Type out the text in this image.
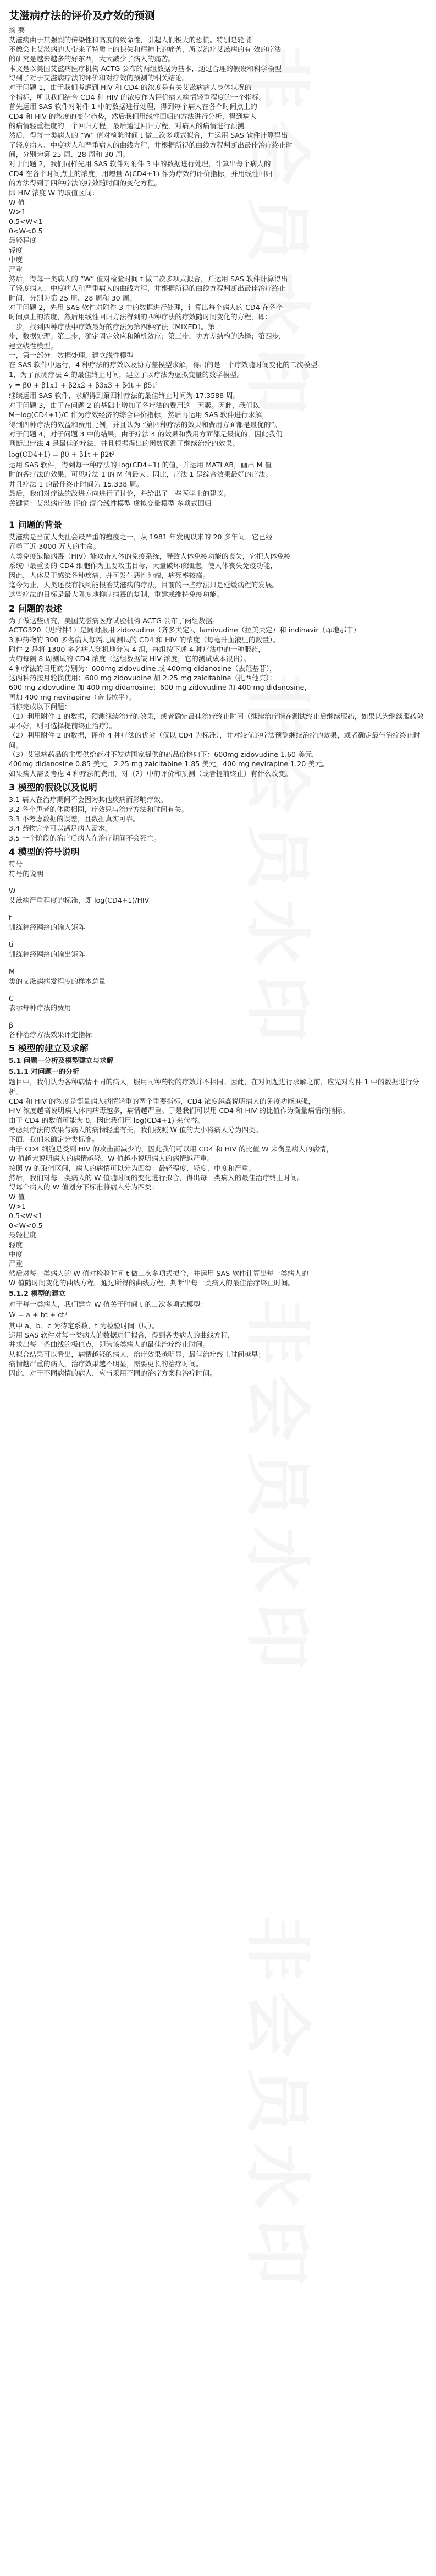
艾滋病疗法的评价及疗效的预测

摘 要

艾滋病由于其强烈的传染性和高度的致命性，引起人们极大的恐慌。特别是轮 渐

不像会上艾滋病的人带来了特质上的惊失和精神上的痛苦，所以治疗艾滋病的有 效的疗法

的研究是越来越多的好东西，大大减少了病人的痛苦。

本文是以美国艾滋病医疗机构 ACTG 公布的两组数据为基本，通过合理的假设和科学模型

得到了对于艾滋病疗法的评价和对疗效的预测的相关结论。

对于问题 1，由于我们考虑到 HIV 和 CD4 的浓度是有关艾滋病病人身体状况的

个指标，所以我们结合 CD4 和 HIV 的浓度作为评价病人病情轻重程度的一个指标。

首先运用 SAS 软件对附件 1 中的数据进行处理，得到每个病人在各个时间点上的

CD4 和 HIV 的浓度的变化趋势，然后我们用线性回归的方法进行分析，得到病人

的病情轻重程度的一个回归方程，最后通过回归方程，对病人的病情进行预测。

然后，得每一类病人的 “W” 值对检验时间 t 做二次多项式拟合，并运用 SAS 软件计算得出

了轻度病人、中度病人和严重病人的曲线方程，并根据所得的曲线方程判断出最佳治疗终止时

间，分别为第 25 周、28 周和 30 周。

对于问题 2，我们同样先用 SAS 软件对附件 3 中的数据进行处理，计算出每个病人的

CD4 在各个时间点上的浓度，用增量 ∆(CD4+1) 作为疗效的评价指标，并用线性回归

的方法得到了四种疗法的疗效随时间的变化方程。

即 HIV 浓度 W 的取值区间：

W 值

W>1

0.5<W<1

0<W<0.5

最轻程度

轻度

中度

严重

然后，得每一类病人的 “W” 值对检验时间 t 做二次多项式拟合，并运用 SAS 软件计算得出

了轻度病人、中度病人和严重病人的曲线方程，并根据所得的曲线方程判断出最佳治疗终止

时间，分别为第 25 周、28 周和 30 周。

对于问题 2，先用 SAS 软件对附件 3 中的数据进行处理，计算出每个病人的 CD4 在各个

时间点上的浓度，然后用线性回归方法得到的四种疗法的疗效随时间变化的方程，即：

一步，找到四种疗法中疗效最好的疗法为第四种疗法（MIXED）。第一

步，数据处理；第二步，确定固定效应和随机效应；第三步，协方差结构的选择；第四步，

建立线性模型。

一，第一部分：数据处理，建立线性模型

在 SAS 软件中运行，4 种疗法的疗效以及协方差模型求解，得出的是一个疗效随时间变化的二次模型。

1，为了预测疗法 4 的最佳终止时间，建立了以疗法为虚拟变量的数学模型。

y = β0 + β1x1 + β2x2 + β3x3 + β4t + β5t²

继续运用 SAS 软件，求解得到第四种疗法的最佳终止时间为 17.3588 周。

对于问题 3，由于在问题 2 的基础上增加了各疗法的费用这一因素。因此，我们以

M=log(CD4+1)/C 作为疗效经济的综合评价指标，然后再运用 SAS 软件进行求解，

得到四种疗法的效益和费用比例，并且认为 “第四种疗法的效果和费用方面都是最优的”。

对于问题 4，对于问题 3 中的结果，由于疗法 4 的效果和费用方面都是最优的，因此我们

判断出疗法 4 是最佳的疗法，并且根据得出的函数预测了继续治疗的效果。

log(CD4+1) = β0 + β1t + β2t²

运用 SAS 软件，得到每一种疗法的 log(CD4+1) 的值，并运用 MATLAB，画出 M 值

时的各疗法的效果，可见疗法 1 的 M 值最大。因此，疗法 1 是综合效果最好的疗法。

并且疗法 1 的最佳终止时间为 15.338 周。

最后，我们对疗法的改进方向进行了讨论，并给出了一些医学上的建议。

关键词：艾滋病疗法 评价 混合线性模型 虚拟变量模型 多项式回归

1 问题的背景

艾滋病是当前人类社会最严重的瘟疫之一，从 1981 年发现以来的 20 多年间，它已经

吞噬了近 3000 万人的生命。

人类免疫缺陷病毒（HIV）能攻击人体的免疫系统，导致人体免疫功能的丧失，它把人体免疫

系统中最重要的 CD4 细胞作为主要攻击目标，大量破坏该细胞，使人体丧失免疫功能，

因此，人体易于感染各种疾病，并可发生恶性肿瘤，病死率较高。

迄今为止，人类还没有找到能根治艾滋病的疗法，目前的一些疗法只是延缓病程的发展。

这些疗法的目标是最大限度地抑制病毒的复制，重建或维持免疫功能。

2 问题的表述

为了做这些研究，美国艾滋病医疗试验机构 ACTG 公布了两组数据。

ACTG320（见附件1）是同时服用 zidovudine（齐多夫定）、lamivudine（拉美夫定）和 indinavir（茚地那韦）

3 种药物的 300 多名病人每隔几周测试的 CD4 和 HIV 的浓度（每毫升血液里的数量）。

附件 2 是将 1300 多名病人随机地分为 4 组，每组按下述 4 种疗法中的一种服药，

大约每隔 8 周测试的 CD4 浓度（这组数据缺 HIV 浓度，它的测试成本很贵）。

4 种疗法的日用药分别为：600mg zidovudine 或 400mg didanosine（去羟基苷），

这两种药按月轮换使用；600 mg zidovudine 加 2.25 mg zalcitabine（扎西他宾）；

600 mg zidovudine 加 400 mg didanosine；600 mg zidovudine 加 400 mg didanosine，

再加 400 mg nevirapine（奈韦拉平）。

请你完成以下问题：

（1）利用附件 1 的数据，预测继续治疗的效果，或者确定最佳治疗终止时间（继续治疗指在测试终止后继续服药，如果认为继续服药效果不好，则可选择提前终止治疗）。

（2）利用附件 2 的数据，评价 4 种疗法的优劣（仅以 CD4 为标准），并对较优的疗法预测继续治疗的效果，或者确定最佳治疗终止时间。

（3）艾滋病药品的主要供给商对不发达国家提供的药品价格如下：600mg zidovudine 1.60 美元，

400mg didanosine 0.85 美元，2.25 mg zalcitabine 1.85 美元，400 mg nevirapine 1.20 美元。

如果病人需要考虑 4 种疗法的费用，对（2）中的评价和预测（或者提前终止）有什么改变。

3 模型的假设以及说明

3.1 病人在治疗期间不会因为其他疾病而影响疗效。

3.2 各个患者的体质相同，疗效只与治疗方法和时间有关。

3.3 不考虑数据的误差，且数据真实可靠。

3.4 药物完全可以满足病人需求。

3.5 一个阶段的治疗后病人在治疗期间不会死亡。

4 模型的符号说明

符号

符号的说明

W

艾滋病严重程度的标准，即 log(CD4+1)/HIV

t

训练神经网络的输入矩阵

ti

训练神经网络的输出矩阵

M

类的艾滋病病发程度的样本总量

C

表示每种疗法的费用

β

各种治疗方法效果评定指标

5 模型的建立及求解

5.1 问题一分析及模型建立与求解

5.1.1 对问题一的分析

题目中，我们认为各种病情不同的病人，服用同种药物的疗效并不相同。因此，在对问题进行求解之前，应先对附件 1 中的数据进行分析。

CD4 和 HIV 的浓度是衡量病人病情轻重的两个重要指标，CD4 浓度越高说明病人的免疫功能越强，

HIV 浓度越高说明病人体内病毒越多，病情越严重。于是我们可以用 CD4 和 HIV 的比值作为衡量病情的指标。

由于 CD4 的数值可能为 0，因此我们用 log(CD4+1) 来代替。

考虑到疗法的效果与病人的病情轻重有关，我们按照 W 值的大小将病人分为四类。

下面，我们来确定分类标准。

由于 CD4 细胞是受到 HIV 的攻击而减少的，因此我们可以用 CD4 和 HIV 的比值 W 来衡量病人的病情，

W 值越大说明病人的病情越轻，W 值越小说明病人的病情越严重。

按照 W 的取值区间，病人的病情可以分为四类：最轻程度、轻度、中度和严重。

然后，我们对每一类病人的 W 值随时间的变化进行拟合，得出每一类病人的最佳治疗终止时间。

得每个病人的 W 值划分下标准将病人分为四类：

W 值

W>1

0.5<W<1

0<W<0.5

最轻程度

轻度

中度

严重

然后对每一类病人的 W 值对检验时间 t 做二次多项式拟合，并运用 SAS 软件计算出每一类病人的

W 值随时间变化的曲线方程。通过所得的曲线方程，判断出每一类病人的最佳治疗终止时间。

5.1.2 模型的建立

对于每一类病人，我们建立 W 值关于时间 t 的二次多项式模型：

W = a + bt + ct²

其中 a、b、c 为待定系数，t 为检验时间（周）。

运用 SAS 软件对每一类病人的数据进行拟合，得到各类病人的曲线方程，

并求出每一条曲线的极值点，即为该类病人的最佳治疗终止时间。

从拟合结果可以看出，病情越轻的病人，治疗效果越明显，最佳治疗终止时间越早；

病情越严重的病人，治疗效果越不明显，需要更长的治疗时间。

因此，对于不同病情的病人，应当采用不同的治疗方案和治疗时间。

非会员水印
非会员水印
非会员水印
非会员水印
